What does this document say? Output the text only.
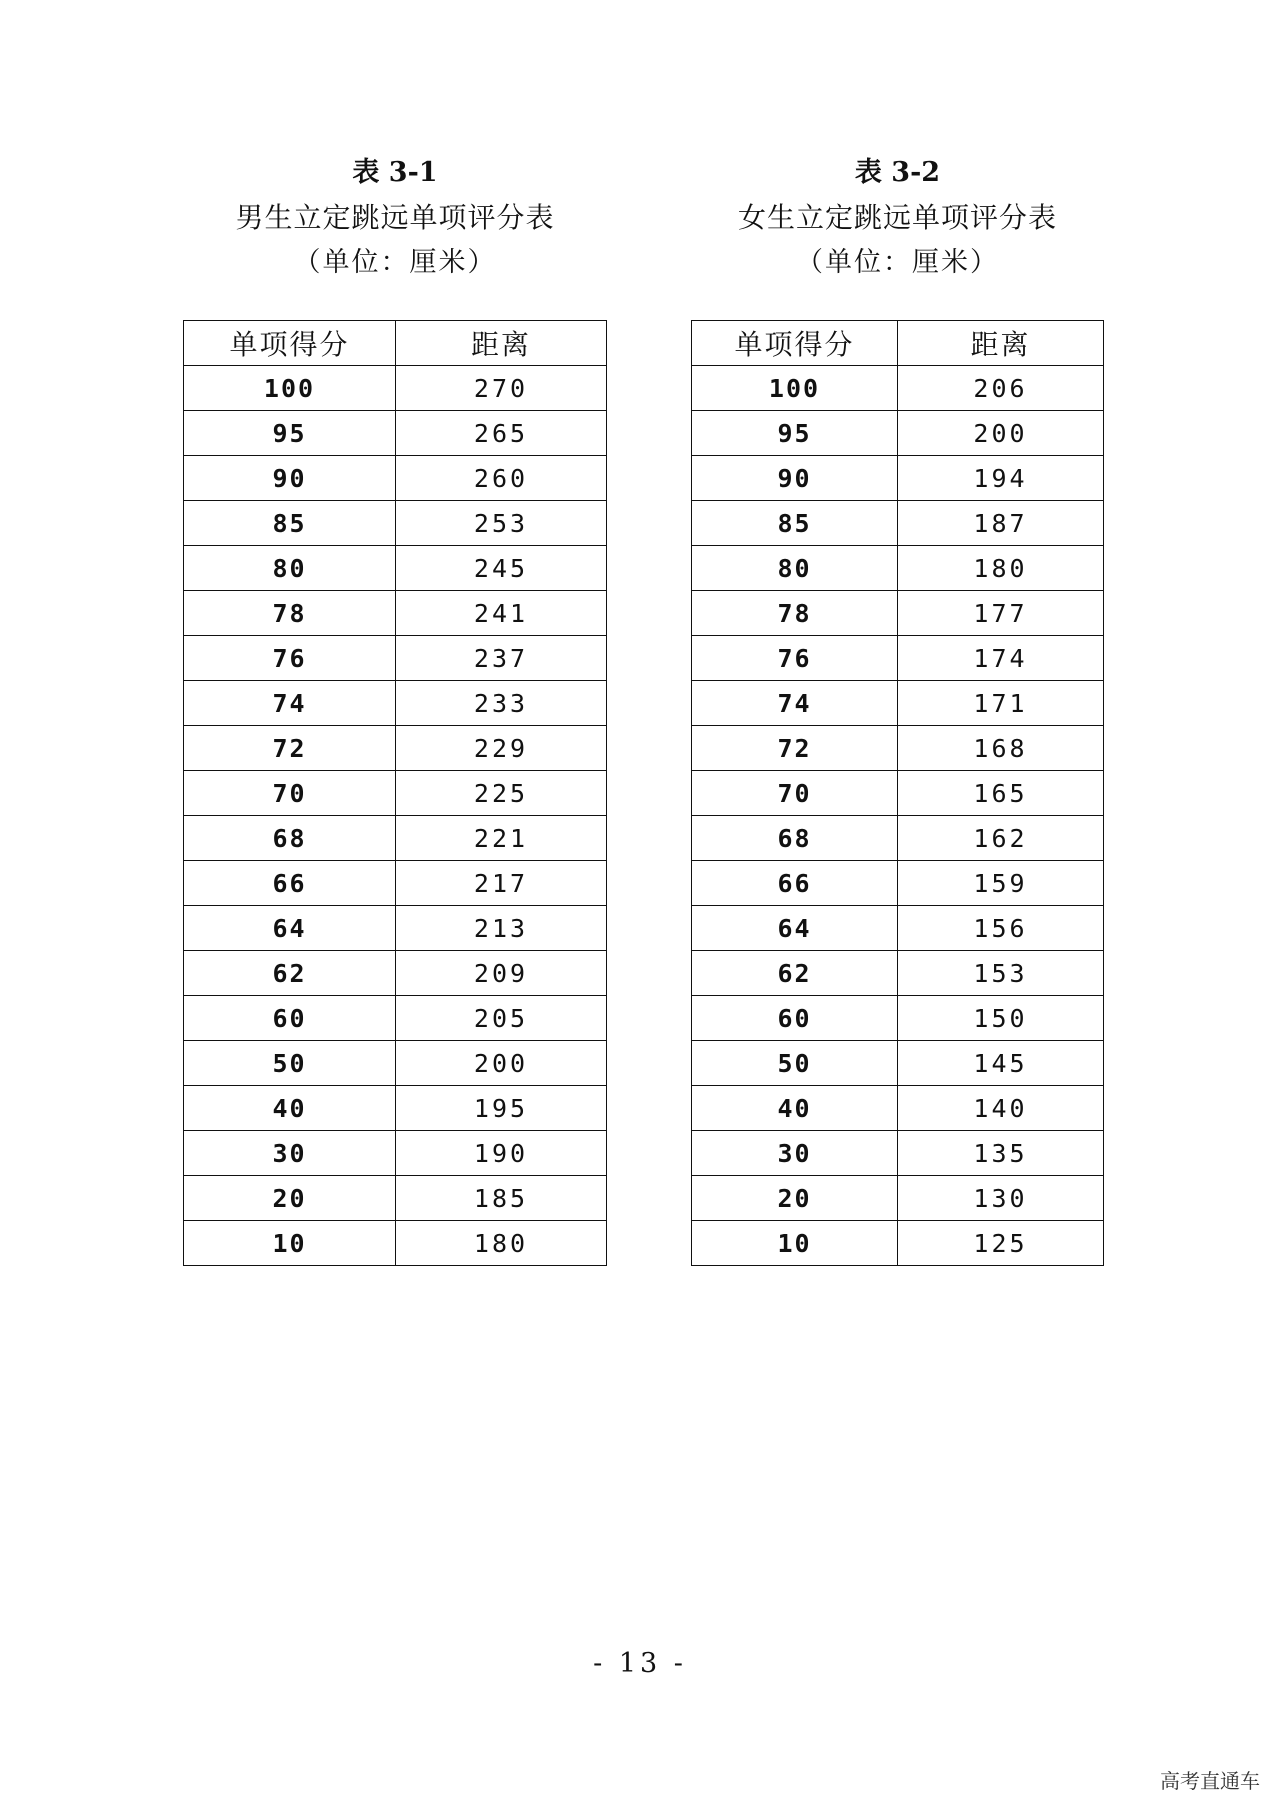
表 3-1
男生立定跳远单项评分表
（单位：厘米）
单项得分	距离
100	270
95	265
90	260
85	253
80	245
78	241
76	237
74	233
72	229
70	225
68	221
66	217
64	213
62	209
60	205
50	200
40	195
30	190
20	185
10	180
表 3-2
女生立定跳远单项评分表
（单位：厘米）
单项得分	距离
100	206
95	200
90	194
85	187
80	180
78	177
76	174
74	171
72	168
70	165
68	162
66	159
64	156
62	153
60	150
50	145
40	140
30	135
20	130
10	125
- 13 -
高考直通车
